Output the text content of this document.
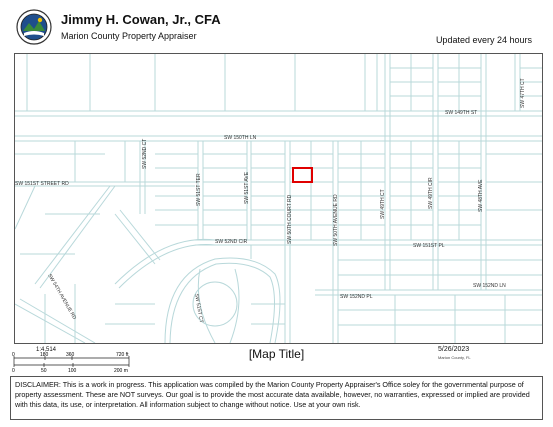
Jimmy H. Cowan, Jr., CFA
Marion County Property Appraiser	Updated every 24 hours
SW 149TH ST
SW 150TH LN
SW 151ST STREET RD
SW 52ND CT
SW 51ST TER	SW 51ST AVE
SW 50TH COURT RD	SW 50TH AVENUE RD	SW 49TH CT	SW 49TH CIR	SW 48TH AVE
SW 47TH CT
SW 52ND CIR
SW 151ST PL
SW 152ND PL
SW 152ND LN
SW 54TH AVENUE RD	SW 51ST CT
1:4,514
0	180	360	720 ft
0	50	100	200 m
[Map Title]	5/26/2023
Marion County, FL
DISCLAIMER: This is a work in progress. This application was compiled by the Marion County Property Appraiser's Office soley for the governmental purpose of property assessment. These are NOT surveys. Our goal is to provide the most accurate data available, however, no warranties, expressed or implied are provided with this data, its use, or interpretation. All information subject to change without notice. Use at your own risk.
